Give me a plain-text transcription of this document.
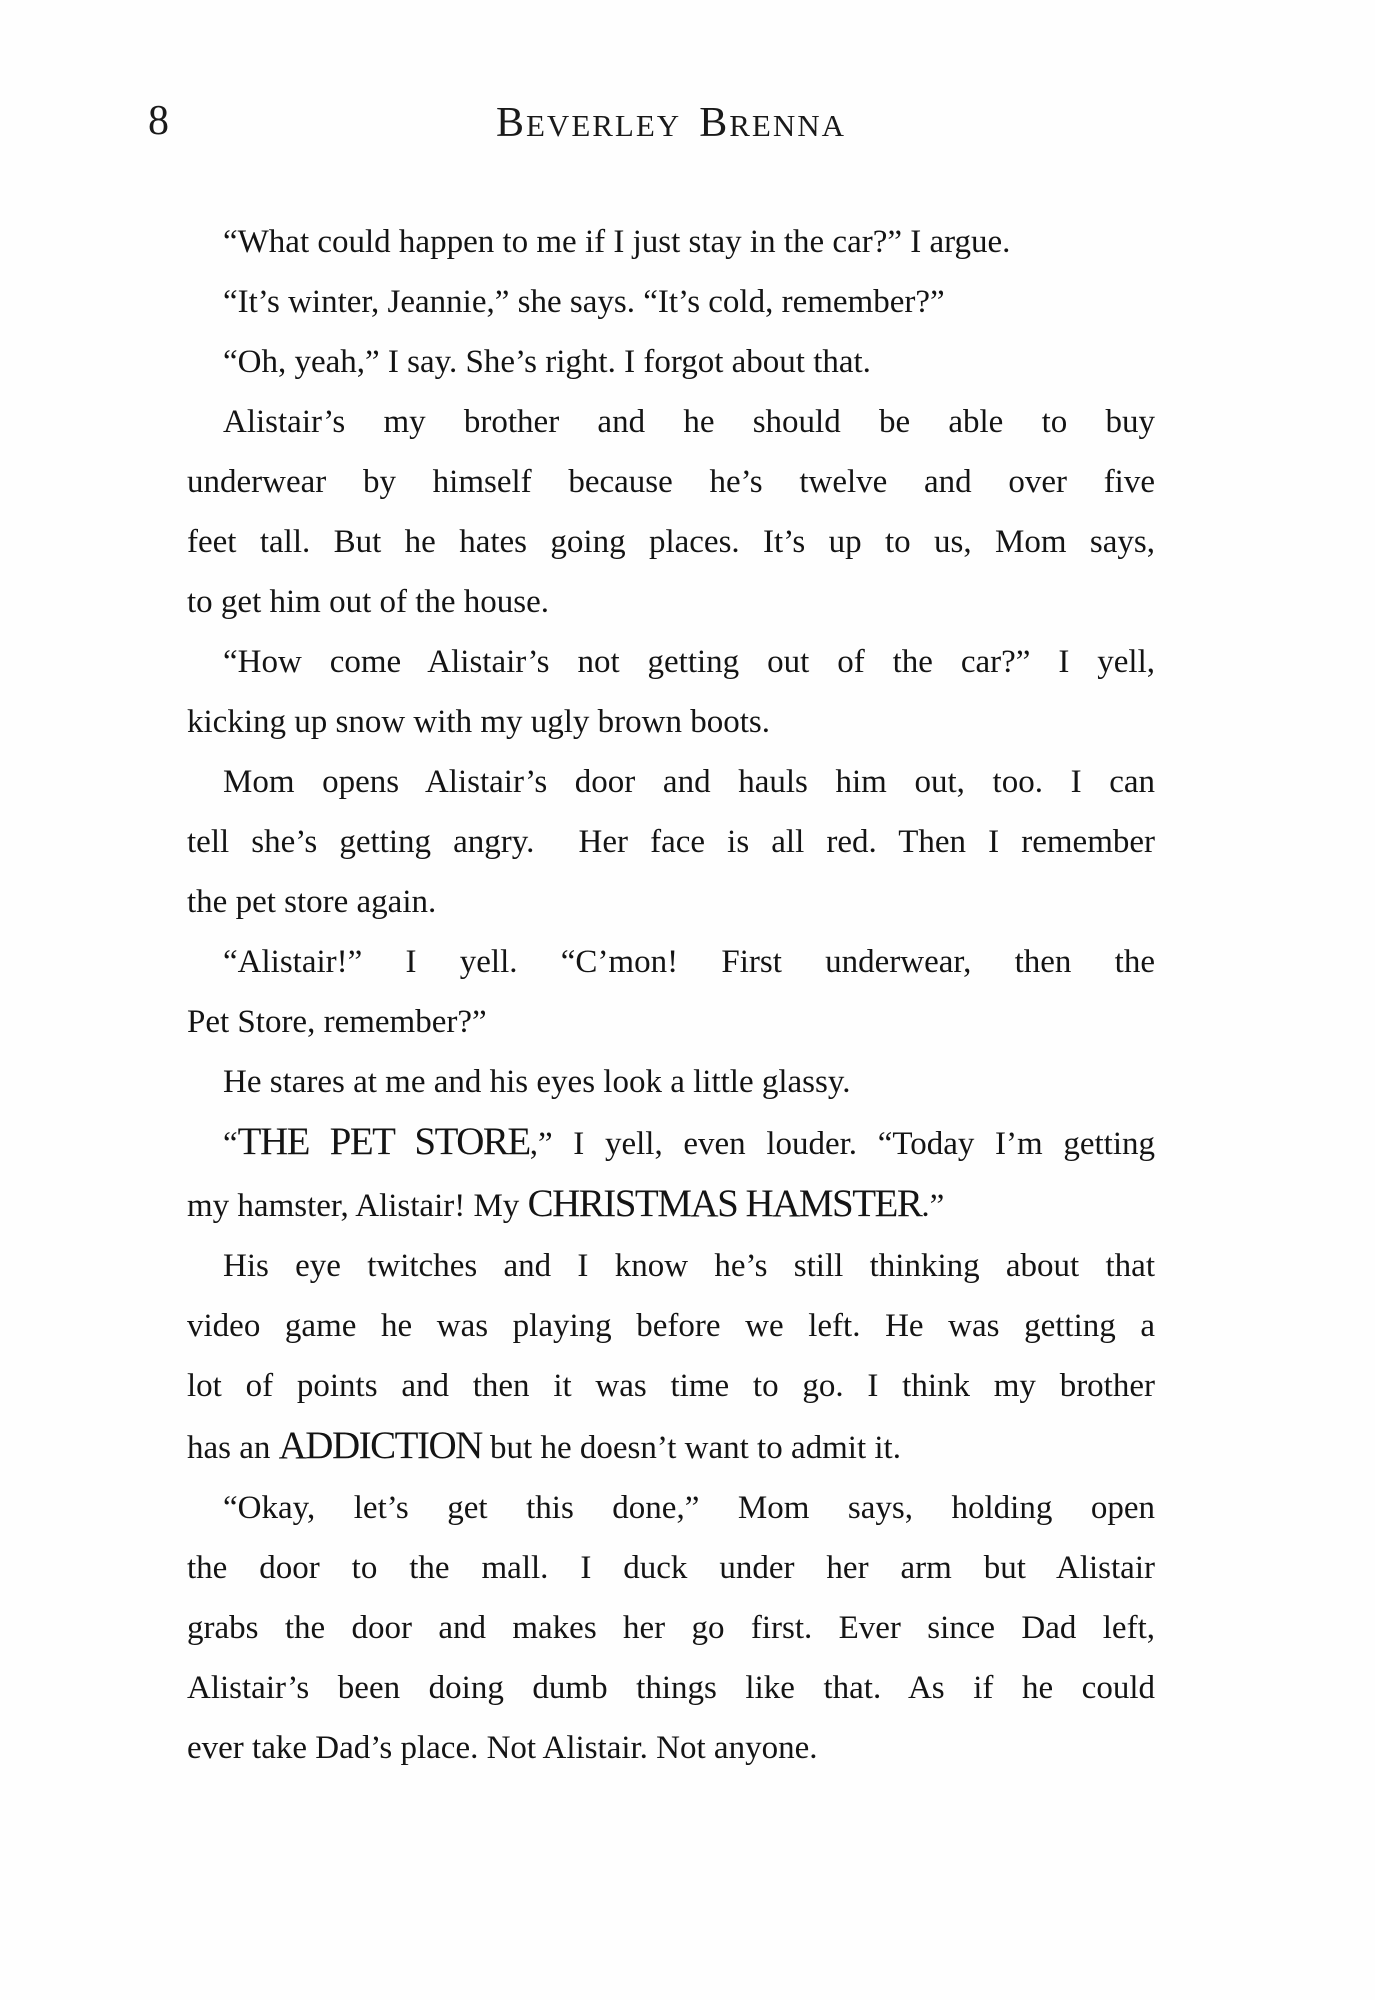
8	BEVERLEY BRENNA
“What could happen to me if I just stay in the car?” I argue.
“It’s winter, Jeannie,” she says. “It’s cold, remember?”
“Oh, yeah,” I say. She’s right. I forgot about that.
Alistair’s my brother and he should be able to buy
underwear by himself because he’s twelve and over five
feet tall. But he hates going places. It’s up to us, Mom says,
to get him out of the house.
“How come Alistair’s not getting out of the car?” I yell,
kicking up snow with my ugly brown boots.
Mom opens Alistair’s door and hauls him out, too. I can
tell she’s getting angry.  Her face is all red. Then I remember
the pet store again.
“Alistair!” I yell. “C’mon! First underwear, then the
Pet Store, remember?”
He stares at me and his eyes look a little glassy.
“THE PET STORE,” I yell, even louder. “Today I’m getting
my hamster, Alistair! My CHRISTMAS HAMSTER.”
His eye twitches and I know he’s still thinking about that
video game he was playing before we left. He was getting a
lot of points and then it was time to go. I think my brother
has an ADDICTION but he doesn’t want to admit it.
“Okay, let’s get this done,” Mom says, holding open
the door to the mall. I duck under her arm but Alistair
grabs the door and makes her go first. Ever since Dad left,
Alistair’s been doing dumb things like that. As if he could
ever take Dad’s place. Not Alistair. Not anyone.
